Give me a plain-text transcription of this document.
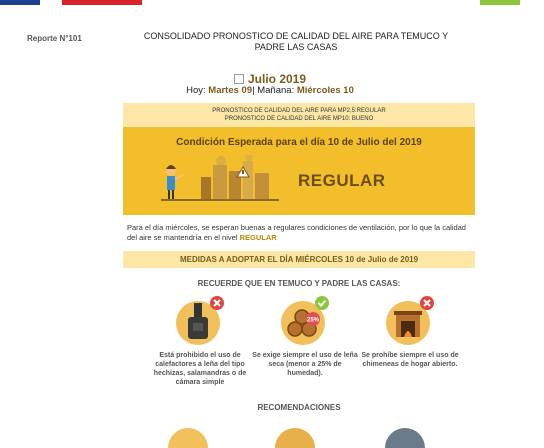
Reporte N°101	CONSOLIDADO PRONOSTICO DE CALIDAD DEL AIRE PARA TEMUCO Y
PADRE LAS CASAS
Julio 2019
Hoy: Martes 09| Mañana: Miércoles 10
PRONOSTICO DE CALIDAD DEL AIRE PARA MP2,5:REGULAR
PRONOSTICO DE CALIDAD DEL AIRE MP10: BUENO
Condición Esperada para el día 10 de Julio del 2019
REGULAR
Para el día miércoles, se esperan buenas a regulares condiciones de ventilación, por lo que la calidad del aire se mantendría en el nivel REGULAR
MEDIDAS A ADOPTAR EL DÍA MIÉRCOLES 10 de Julio de 2019
RECUERDE QUE EN TEMUCO Y PADRE LAS CASAS:
Está prohibido el uso de calefactores a leña del tipo hechizas, salamandras o de cámara simple
25%
Se exige siempre el uso de leña seca (menor a 25% de humedad).
Se prohíbe siempre el uso de chimeneas de hogar abierto.
RECOMENDACIONES
